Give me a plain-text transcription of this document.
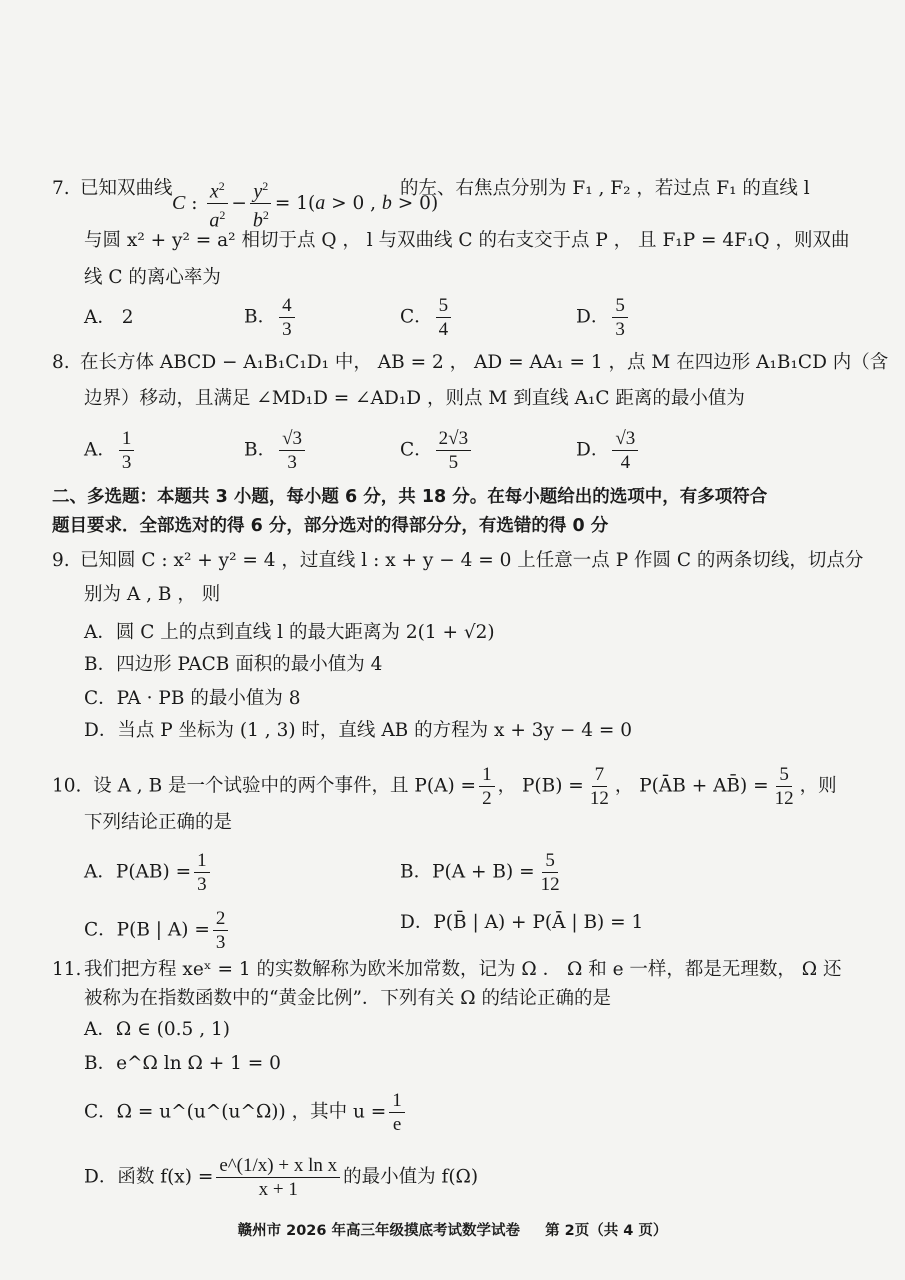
7. 已知双曲线
C : $\frac{x^2}{a^2} - \frac{y^2}{b^2} = 1(a > 0$ , b > 0)
的左、右焦点分别为 F₁ , F₂ ，若过点 F₁ 的直线 l
与圆 x² + y² = a² 相切于点 Q ， l 与双曲线 C 的右支交于点 P ， 且 F₁P = 4F₁Q ，则双曲
线 C 的离心率为
A． 2	B． $\frac{4}{3}$	C． $\frac{5}{4}$	D． $\frac{5}{3}$
8. 在长方体 ABCD − A₁B₁C₁D₁ 中， AB = 2 ， AD = AA₁ = 1 ，点 M 在四边形 A₁B₁CD 内（含
边界）移动，且满足 ∠MD₁D = ∠AD₁D ，则点 M 到直线 A₁C 距离的最小值为
A． $\frac{1}{3}$	B． $\frac{√3}{3}$	C． $\frac{2√3}{5}$	D． $\frac{√3}{4}$
二、多选题：本题共 3 小题，每小题 6 分，共 18 分。在每小题给出的选项中，有多项符合
题目要求．全部选对的得 6 分，部分选对的得部分分，有选错的得 0 分
9. 已知圆 C : x² + y² = 4 ，过直线 l : x + y − 4 = 0 上任意一点 P 作圆 C 的两条切线，切点分
别为 A , B ， 则
A．圆 C 上的点到直线 l 的最大距离为 2(1 + √2)
B．四边形 PACB 面积的最小值为 4
C．PA · PB 的最小值为 8
D．当点 P 坐标为 (1 , 3) 时，直线 AB 的方程为 x + 3y − 4 = 0
10. 设 A , B 是一个试验中的两个事件，且 $P(A) = \frac{1}{2}$ ， $P(B) = \frac{7}{12}$ ， P(ĀB + AB̄) = $\frac{5}{12}$ ，则
下列结论正确的是
A．$P(AB) = \frac{1}{3}$	B．$P(A + B) = \frac{5}{12}$
C．P(B | $A) = \frac{2}{3}$	D．P(B̄ | A) + P(Ā | B) = 1
11. 我们把方程 xeˣ = 1 的实数解称为欧米加常数，记为 Ω ． Ω 和 e 一样，都是无理数， Ω 还
被称为在指数函数中的“黄金比例”．下列有关 Ω 的结论正确的是
A．Ω ∈ (0.5 , 1)
B．e^Ω ln Ω + 1 = 0
C．Ω = u^(u^(u^Ω)) ，其中 $u = \frac{1}{e}$
D．函数 $f(x) = \frac{\text{e\textasciicircum{}(1/x) + x ln x}}{x + 1}$ 的最小值为 f(Ω)
赣州市 2026 年高三年级摸底考试数学试卷 第 2页（共 4 页）
